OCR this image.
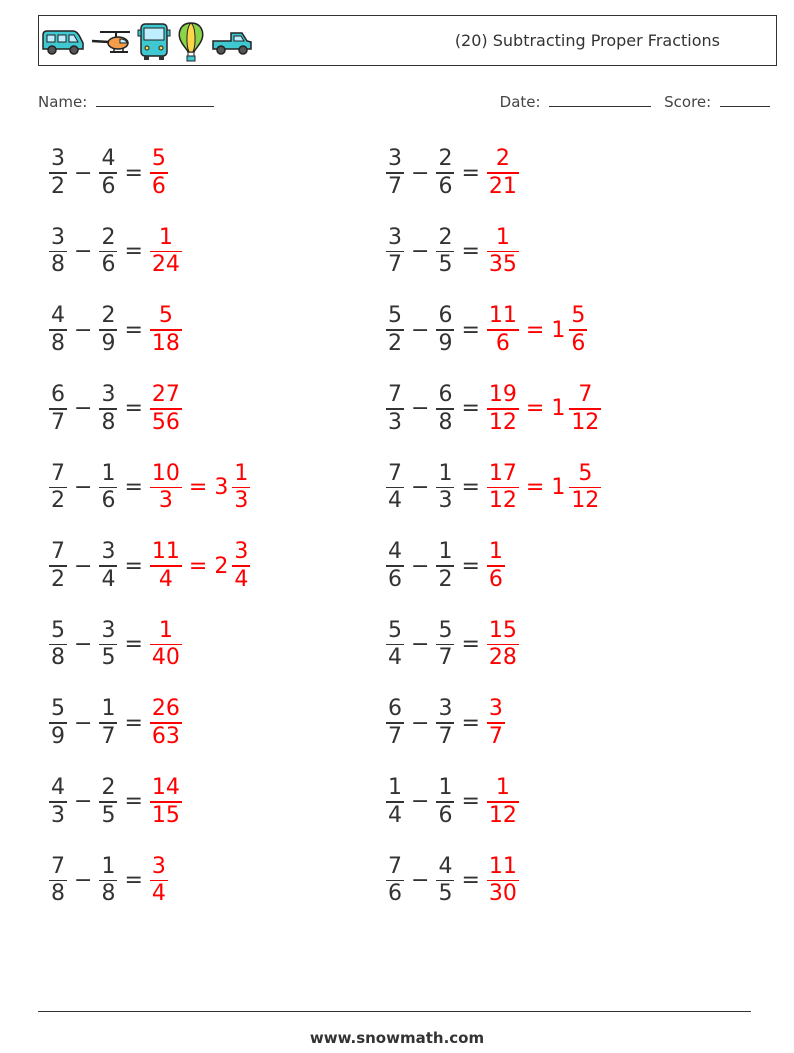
(20) Subtracting Proper Fractions
Name:	Date:	Score:
$\frac{3}{2} - \frac{4}{6} = \frac{5}{6}$	$\frac{3}{7} - \frac{2}{6} = \frac{2}{21}$
$\frac{3}{8} - \frac{2}{6} = \frac{1}{24}$	$\frac{3}{7} - \frac{2}{5} = \frac{1}{35}$
$\frac{4}{8} - \frac{2}{9} = \frac{5}{18}$	$\frac{5}{2} - \frac{6}{9} = \frac{11}{6} = 1 \frac{5}{6}$
$\frac{6}{7} - \frac{3}{8} = \frac{27}{56}$	$\frac{7}{3} - \frac{6}{8} = \frac{19}{12} = 1 \frac{7}{12}$
$\frac{7}{2} - \frac{1}{6} = \frac{10}{3} = 3 \frac{1}{3}$	$\frac{7}{4} - \frac{1}{3} = \frac{17}{12} = 1 \frac{5}{12}$
$\frac{7}{2} - \frac{3}{4} = \frac{11}{4} = 2 \frac{3}{4}$	$\frac{4}{6} - \frac{1}{2} = \frac{1}{6}$
$\frac{5}{8} - \frac{3}{5} = \frac{1}{40}$	$\frac{5}{4} - \frac{5}{7} = \frac{15}{28}$
$\frac{5}{9} - \frac{1}{7} = \frac{26}{63}$	$\frac{6}{7} - \frac{3}{7} = \frac{3}{7}$
$\frac{4}{3} - \frac{2}{5} = \frac{14}{15}$	$\frac{1}{4} - \frac{1}{6} = \frac{1}{12}$
$\frac{7}{8} - \frac{1}{8} = \frac{3}{4}$	$\frac{7}{6} - \frac{4}{5} = \frac{11}{30}$
www.snowmath.com
